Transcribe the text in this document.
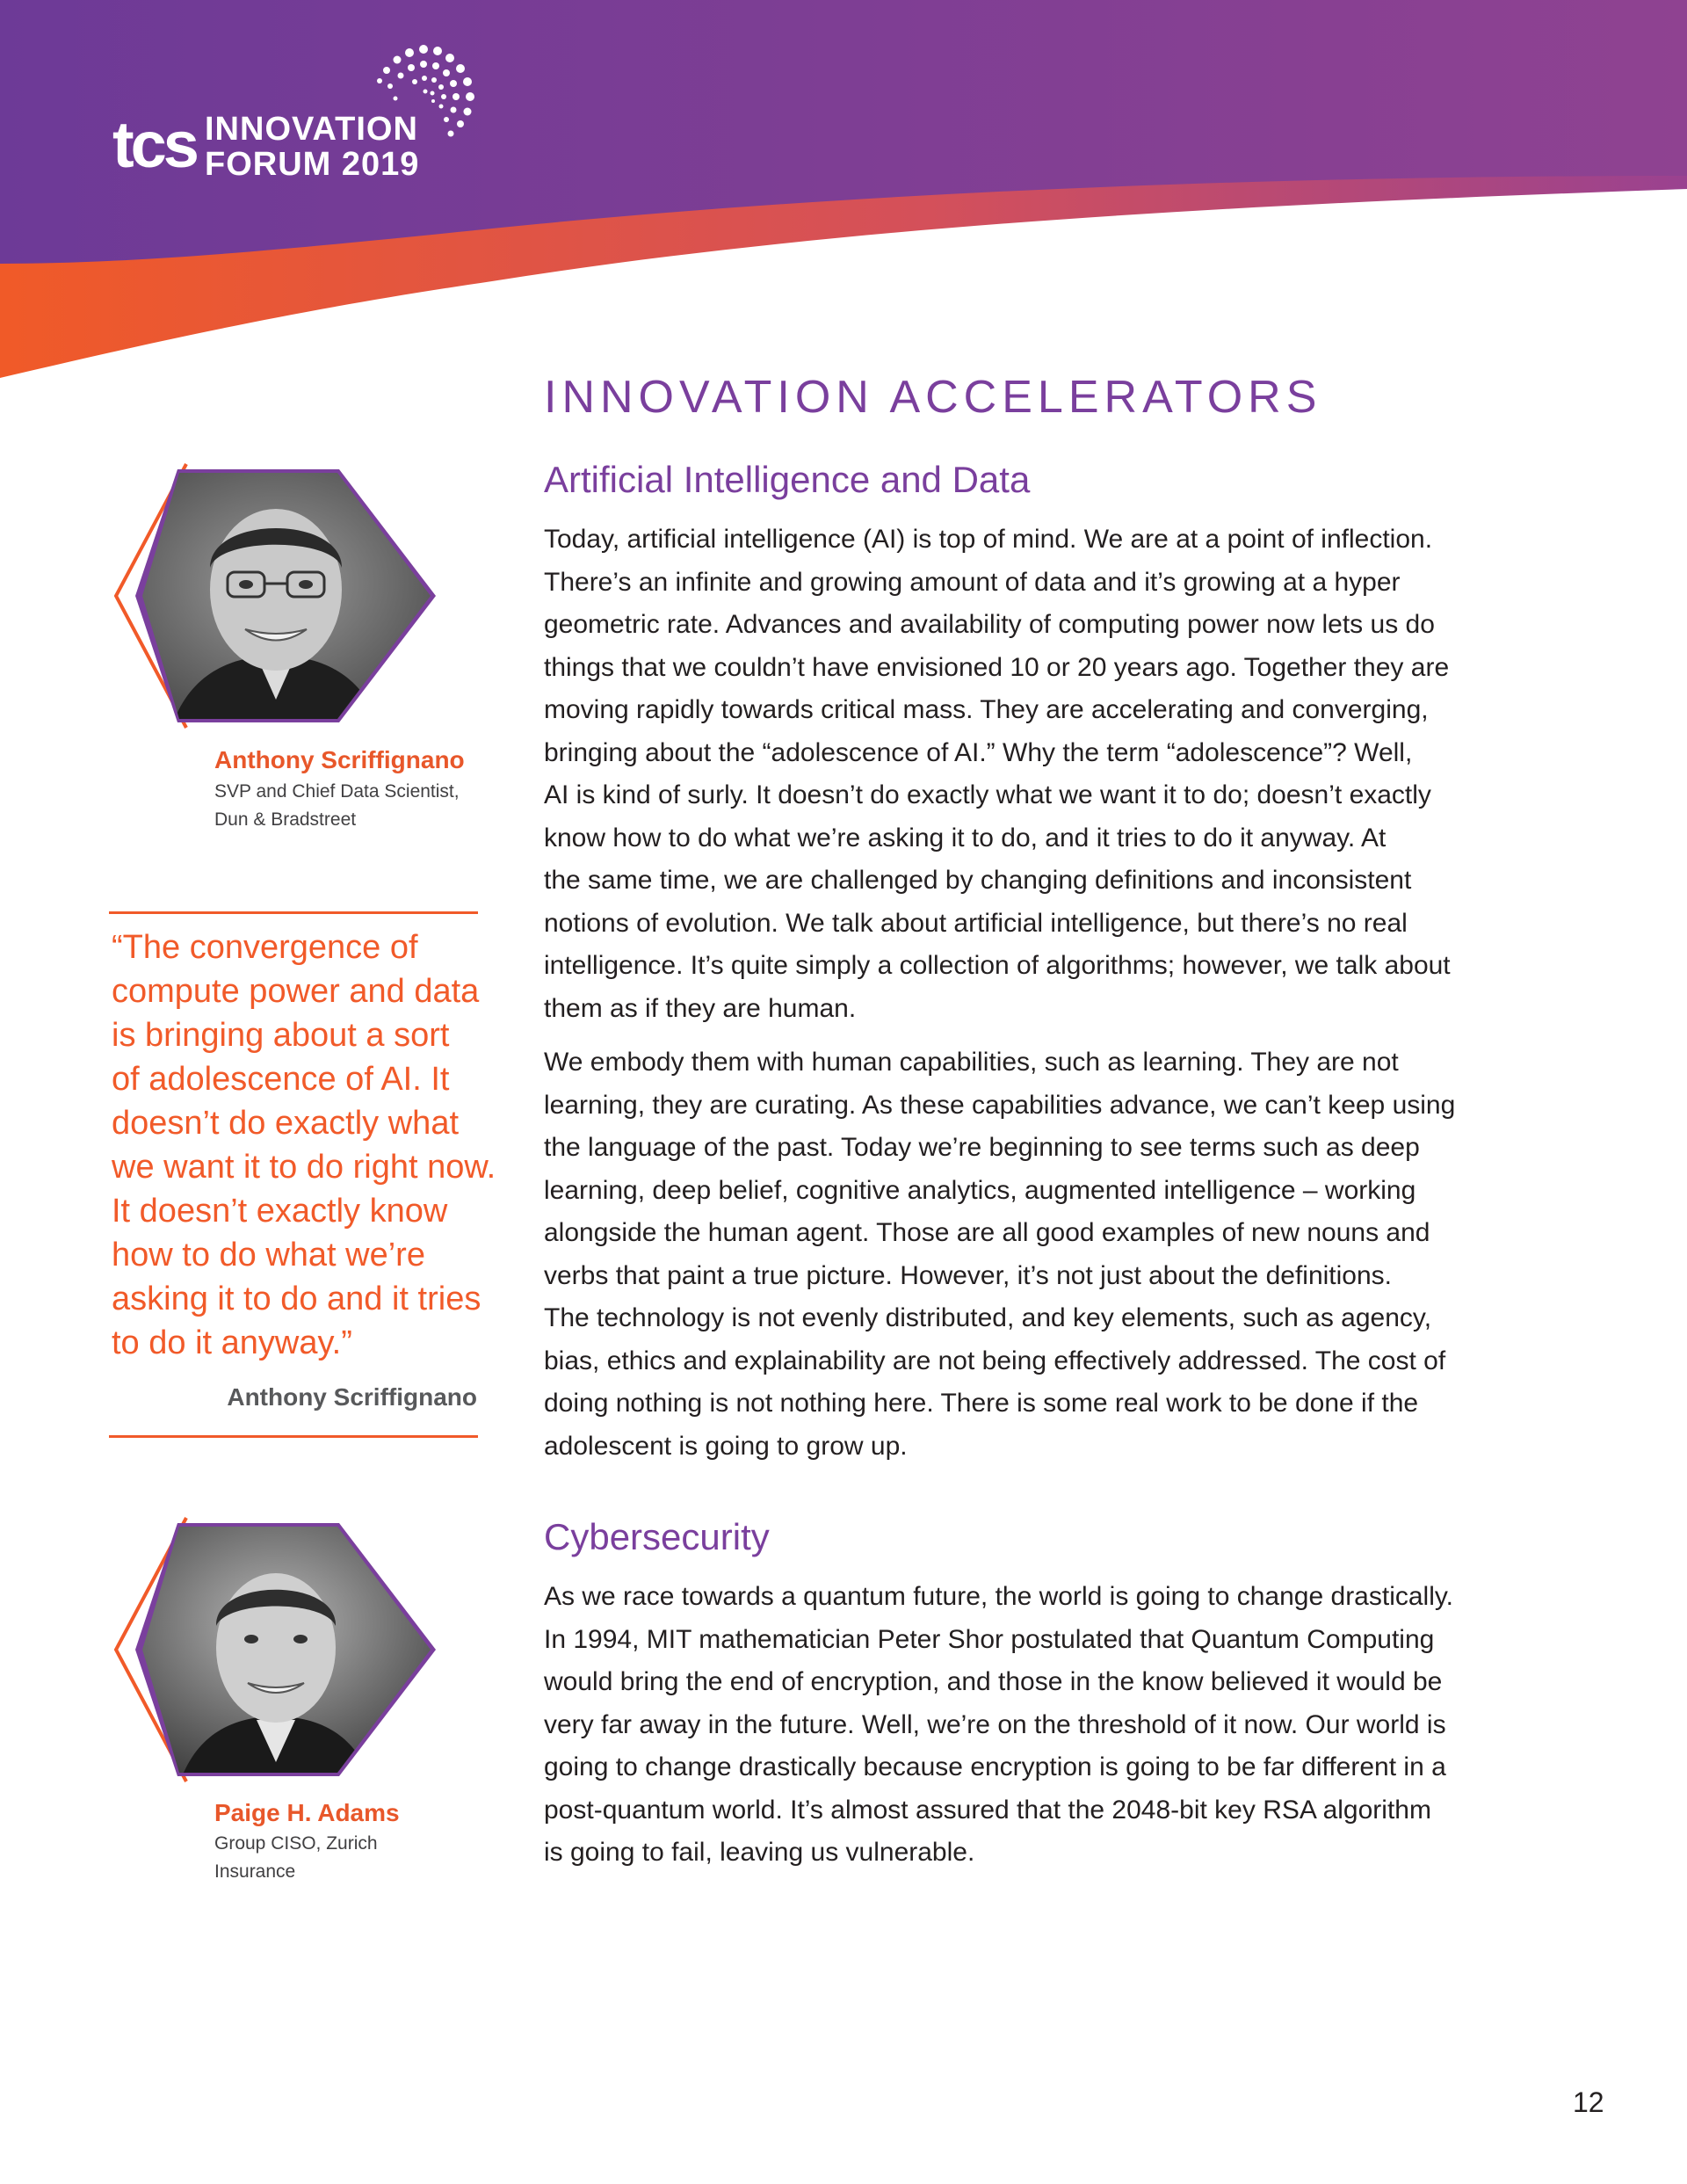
tcs INNOVATION
FORUM 2019
INNOVATION ACCELERATORS
Anthony Scriffignano
SVP and Chief Data Scientist,
Dun & Bradstreet
“The convergence of
compute power and data
is bringing about a sort
of adolescence of AI. It
doesn’t do exactly what
we want it to do right now.
It doesn’t exactly know
how to do what we’re
asking it to do and it tries
to do it anyway.”
Anthony Scriffignano
Paige H. Adams
Group CISO, Zurich
Insurance
Artificial Intelligence and Data
Today, artificial intelligence (AI) is top of mind. We are at a point of inflection.
There’s an infinite and growing amount of data and it’s growing at a hyper
geometric rate. Advances and availability of computing power now lets us do
things that we couldn’t have envisioned 10 or 20 years ago. Together they are
moving rapidly towards critical mass. They are accelerating and converging,
bringing about the “adolescence of AI.” Why the term “adolescence”? Well,
AI is kind of surly. It doesn’t do exactly what we want it to do; doesn’t exactly
know how to do what we’re asking it to do, and it tries to do it anyway. At
the same time, we are challenged by changing definitions and inconsistent
notions of evolution. We talk about artificial intelligence, but there’s no real
intelligence. It’s quite simply a collection of algorithms; however, we talk about
them as if they are human.
We embody them with human capabilities, such as learning. They are not
learning, they are curating. As these capabilities advance, we can’t keep using
the language of the past. Today we’re beginning to see terms such as deep
learning, deep belief, cognitive analytics, augmented intelligence – working
alongside the human agent. Those are all good examples of new nouns and
verbs that paint a true picture. However, it’s not just about the definitions.
The technology is not evenly distributed, and key elements, such as agency,
bias, ethics and explainability are not being effectively addressed. The cost of
doing nothing is not nothing here. There is some real work to be done if the
adolescent is going to grow up.
Cybersecurity
As we race towards a quantum future, the world is going to change drastically.
In 1994, MIT mathematician Peter Shor postulated that Quantum Computing
would bring the end of encryption, and those in the know believed it would be
very far away in the future. Well, we’re on the threshold of it now. Our world is
going to change drastically because encryption is going to be far different in a
post-quantum world. It’s almost assured that the 2048-bit key RSA algorithm
is going to fail, leaving us vulnerable.
12
